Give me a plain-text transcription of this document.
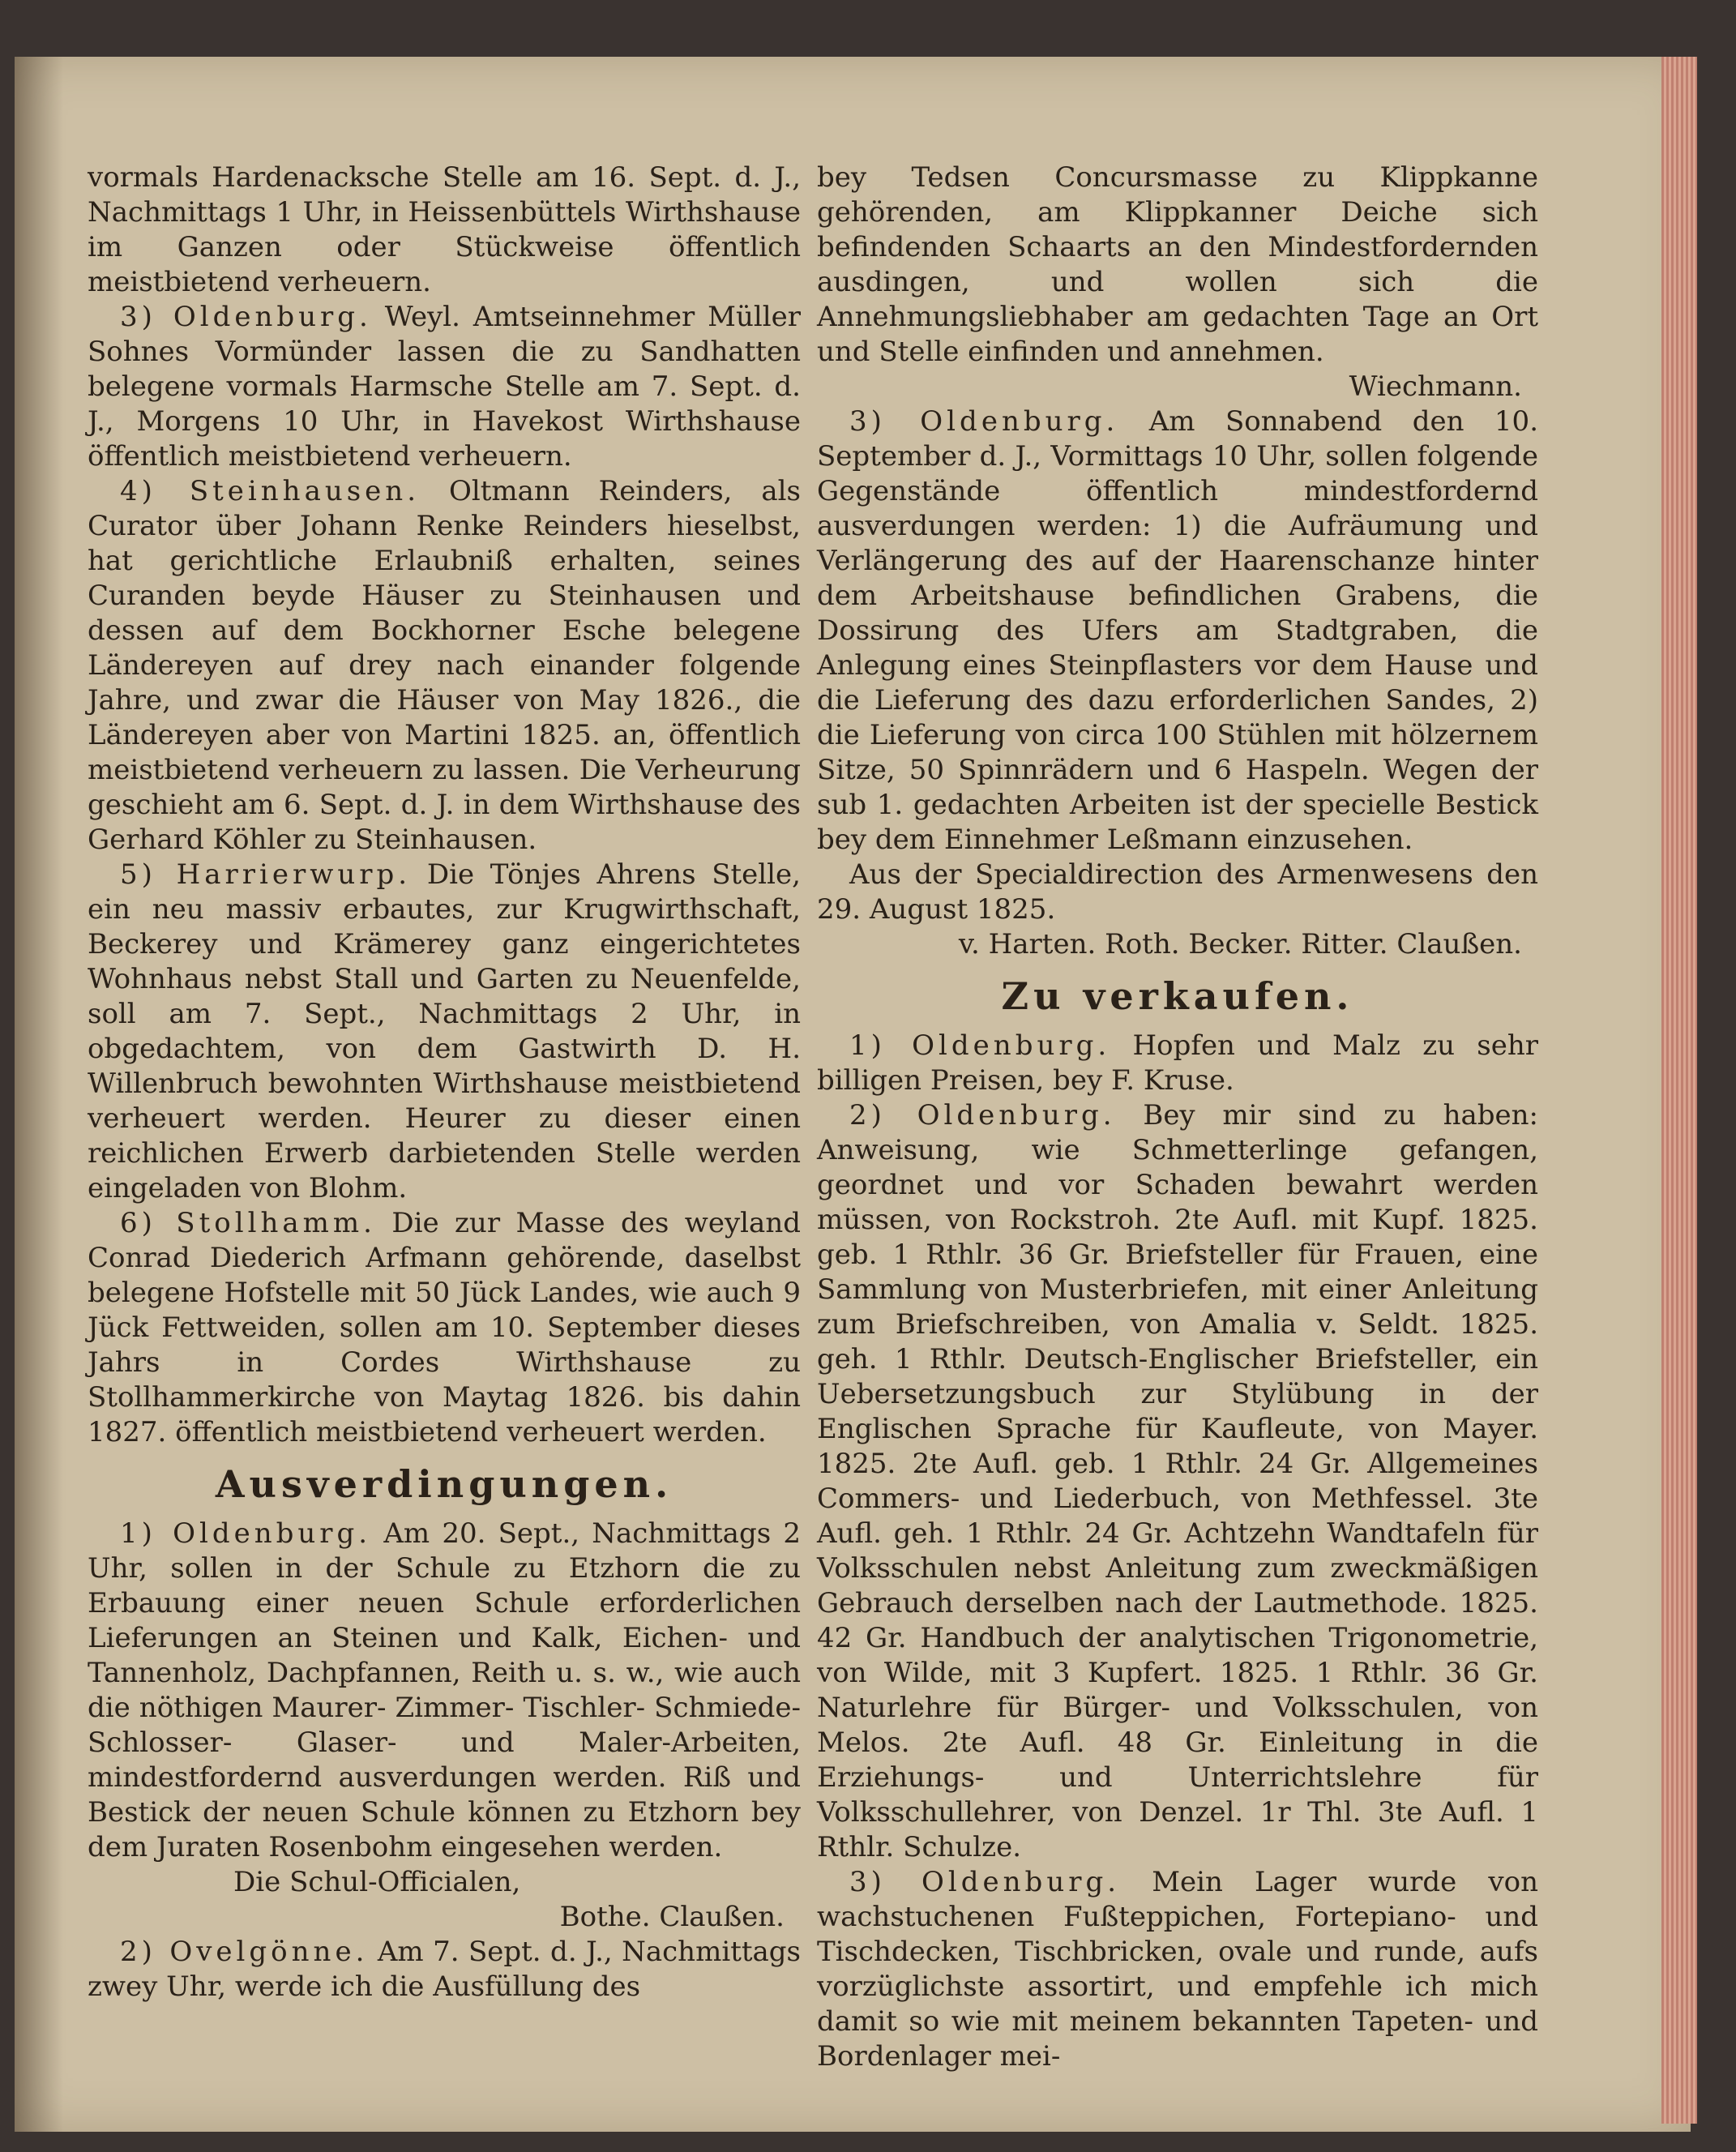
vormals Hardenacksche Stelle am 16. Sept. d. J., Nachmittags 1 Uhr, in Heissenbüttels Wirthshause im Ganzen oder Stückweise öffentlich meistbietend verheuern.

3) Oldenburg. Weyl. Amtseinnehmer Müller Sohnes Vormünder lassen die zu Sandhatten belegene vormals Harmsche Stelle am 7. Sept. d. J., Morgens 10 Uhr, in Havekost Wirthshause öffentlich meistbietend verheuern.

4) Steinhausen. Oltmann Reinders, als Curator über Johann Renke Reinders hieselbst, hat gerichtliche Erlaubniß erhalten, seines Curanden beyde Häuser zu Steinhausen und dessen auf dem Bockhorner Esche belegene Ländereyen auf drey nach einander folgende Jahre, und zwar die Häuser von May 1826., die Ländereyen aber von Martini 1825. an, öffentlich meistbietend verheuern zu lassen. Die Verheurung geschieht am 6. Sept. d. J. in dem Wirthshause des Gerhard Köhler zu Steinhausen.

5) Harrierwurp. Die Tönjes Ahrens Stelle, ein neu massiv erbautes, zur Krugwirthschaft, Beckerey und Krämerey ganz eingerichtetes Wohnhaus nebst Stall und Garten zu Neuenfelde, soll am 7. Sept., Nachmittags 2 Uhr, in obgedachtem, von dem Gastwirth D. H. Willenbruch bewohnten Wirthshause meistbietend verheuert werden. Heurer zu dieser einen reichlichen Erwerb darbietenden Stelle werden eingeladen von Blohm.

6) Stollhamm. Die zur Masse des weyland Conrad Diederich Arfmann gehörende, daselbst belegene Hofstelle mit 50 Jück Landes, wie auch 9 Jück Fettweiden, sollen am 10. September dieses Jahrs in Cordes Wirthshause zu Stollhammerkirche von Maytag 1826. bis dahin 1827. öffentlich meistbietend verheuert werden.

Ausverdingungen.

1) Oldenburg. Am 20. Sept., Nachmittags 2 Uhr, sollen in der Schule zu Etzhorn die zu Erbauung einer neuen Schule erforderlichen Lieferungen an Steinen und Kalk, Eichen- und Tannenholz, Dachpfannen, Reith u. s. w., wie auch die nöthigen Maurer- Zimmer- Tischler- Schmiede- Schlosser- Glaser- und Maler-Arbeiten, mindestfordernd ausverdungen werden. Riß und Bestick der neuen Schule können zu Etzhorn bey dem Juraten Rosenbohm eingesehen werden.

Die Schul-Officialen,

Bothe. Claußen.

2) Ovelgönne. Am 7. Sept. d. J., Nachmittags zwey Uhr, werde ich die Ausfüllung des

bey Tedsen Concursmasse zu Klippkanne gehörenden, am Klippkanner Deiche sich befindenden Schaarts an den Mindestfordernden ausdingen, und wollen sich die Annehmungsliebhaber am gedachten Tage an Ort und Stelle einfinden und annehmen.

Wiechmann.

3) Oldenburg. Am Sonnabend den 10. September d. J., Vormittags 10 Uhr, sollen folgende Gegenstände öffentlich mindestfordernd ausverdungen werden: 1) die Aufräumung und Verlängerung des auf der Haarenschanze hinter dem Arbeitshause befindlichen Grabens, die Dossirung des Ufers am Stadtgraben, die Anlegung eines Steinpflasters vor dem Hause und die Lieferung des dazu erforderlichen Sandes, 2) die Lieferung von circa 100 Stühlen mit hölzernem Sitze, 50 Spinnrädern und 6 Haspeln. Wegen der sub 1. gedachten Arbeiten ist der specielle Bestick bey dem Einnehmer Leßmann einzusehen.

Aus der Specialdirection des Armenwesens den 29. August 1825.

v. Harten. Roth. Becker. Ritter. Claußen.

Zu verkaufen.

1) Oldenburg. Hopfen und Malz zu sehr billigen Preisen, bey F. Kruse.

2) Oldenburg. Bey mir sind zu haben: Anweisung, wie Schmetterlinge gefangen, geordnet und vor Schaden bewahrt werden müssen, von Rockstroh. 2te Aufl. mit Kupf. 1825. geb. 1 Rthlr. 36 Gr. Briefsteller für Frauen, eine Sammlung von Musterbriefen, mit einer Anleitung zum Briefschreiben, von Amalia v. Seldt. 1825. geh. 1 Rthlr. Deutsch-Englischer Briefsteller, ein Uebersetzungsbuch zur Stylübung in der Englischen Sprache für Kaufleute, von Mayer. 1825. 2te Aufl. geb. 1 Rthlr. 24 Gr. Allgemeines Commers- und Liederbuch, von Methfessel. 3te Aufl. geh. 1 Rthlr. 24 Gr. Achtzehn Wandtafeln für Volksschulen nebst Anleitung zum zweckmäßigen Gebrauch derselben nach der Lautmethode. 1825. 42 Gr. Handbuch der analytischen Trigonometrie, von Wilde, mit 3 Kupfert. 1825. 1 Rthlr. 36 Gr. Naturlehre für Bürger- und Volksschulen, von Melos. 2te Aufl. 48 Gr. Einleitung in die Erziehungs- und Unterrichtslehre für Volksschullehrer, von Denzel. 1r Thl. 3te Aufl. 1 Rthlr. Schulze.

3) Oldenburg. Mein Lager wurde von wachstuchenen Fußteppichen, Fortepiano- und Tischdecken, Tischbricken, ovale und runde, aufs vorzüglichste assortirt, und empfehle ich mich damit so wie mit meinem bekannten Tapeten- und Bordenlager mei-
